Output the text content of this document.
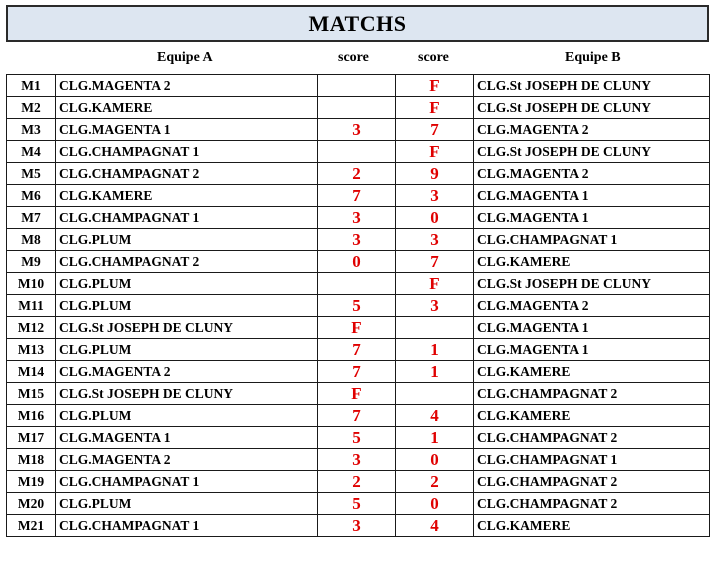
MATCHS
Equipe A	score	score	Equipe B
M1	CLG.MAGENTA 2		F	CLG.St JOSEPH DE CLUNY
M2	CLG.KAMERE		F	CLG.St JOSEPH DE CLUNY
M3	CLG.MAGENTA 1	3	7	CLG.MAGENTA 2
M4	CLG.CHAMPAGNAT 1		F	CLG.St JOSEPH DE CLUNY
M5	CLG.CHAMPAGNAT 2	2	9	CLG.MAGENTA 2
M6	CLG.KAMERE	7	3	CLG.MAGENTA 1
M7	CLG.CHAMPAGNAT 1	3	0	CLG.MAGENTA 1
M8	CLG.PLUM	3	3	CLG.CHAMPAGNAT 1
M9	CLG.CHAMPAGNAT 2	0	7	CLG.KAMERE
M10	CLG.PLUM		F	CLG.St JOSEPH DE CLUNY
M11	CLG.PLUM	5	3	CLG.MAGENTA 2
M12	CLG.St JOSEPH DE CLUNY	F		CLG.MAGENTA 1
M13	CLG.PLUM	7	1	CLG.MAGENTA 1
M14	CLG.MAGENTA 2	7	1	CLG.KAMERE
M15	CLG.St JOSEPH DE CLUNY	F		CLG.CHAMPAGNAT 2
M16	CLG.PLUM	7	4	CLG.KAMERE
M17	CLG.MAGENTA 1	5	1	CLG.CHAMPAGNAT 2
M18	CLG.MAGENTA 2	3	0	CLG.CHAMPAGNAT 1
M19	CLG.CHAMPAGNAT 1	2	2	CLG.CHAMPAGNAT 2
M20	CLG.PLUM	5	0	CLG.CHAMPAGNAT 2
M21	CLG.CHAMPAGNAT 1	3	4	CLG.KAMERE
